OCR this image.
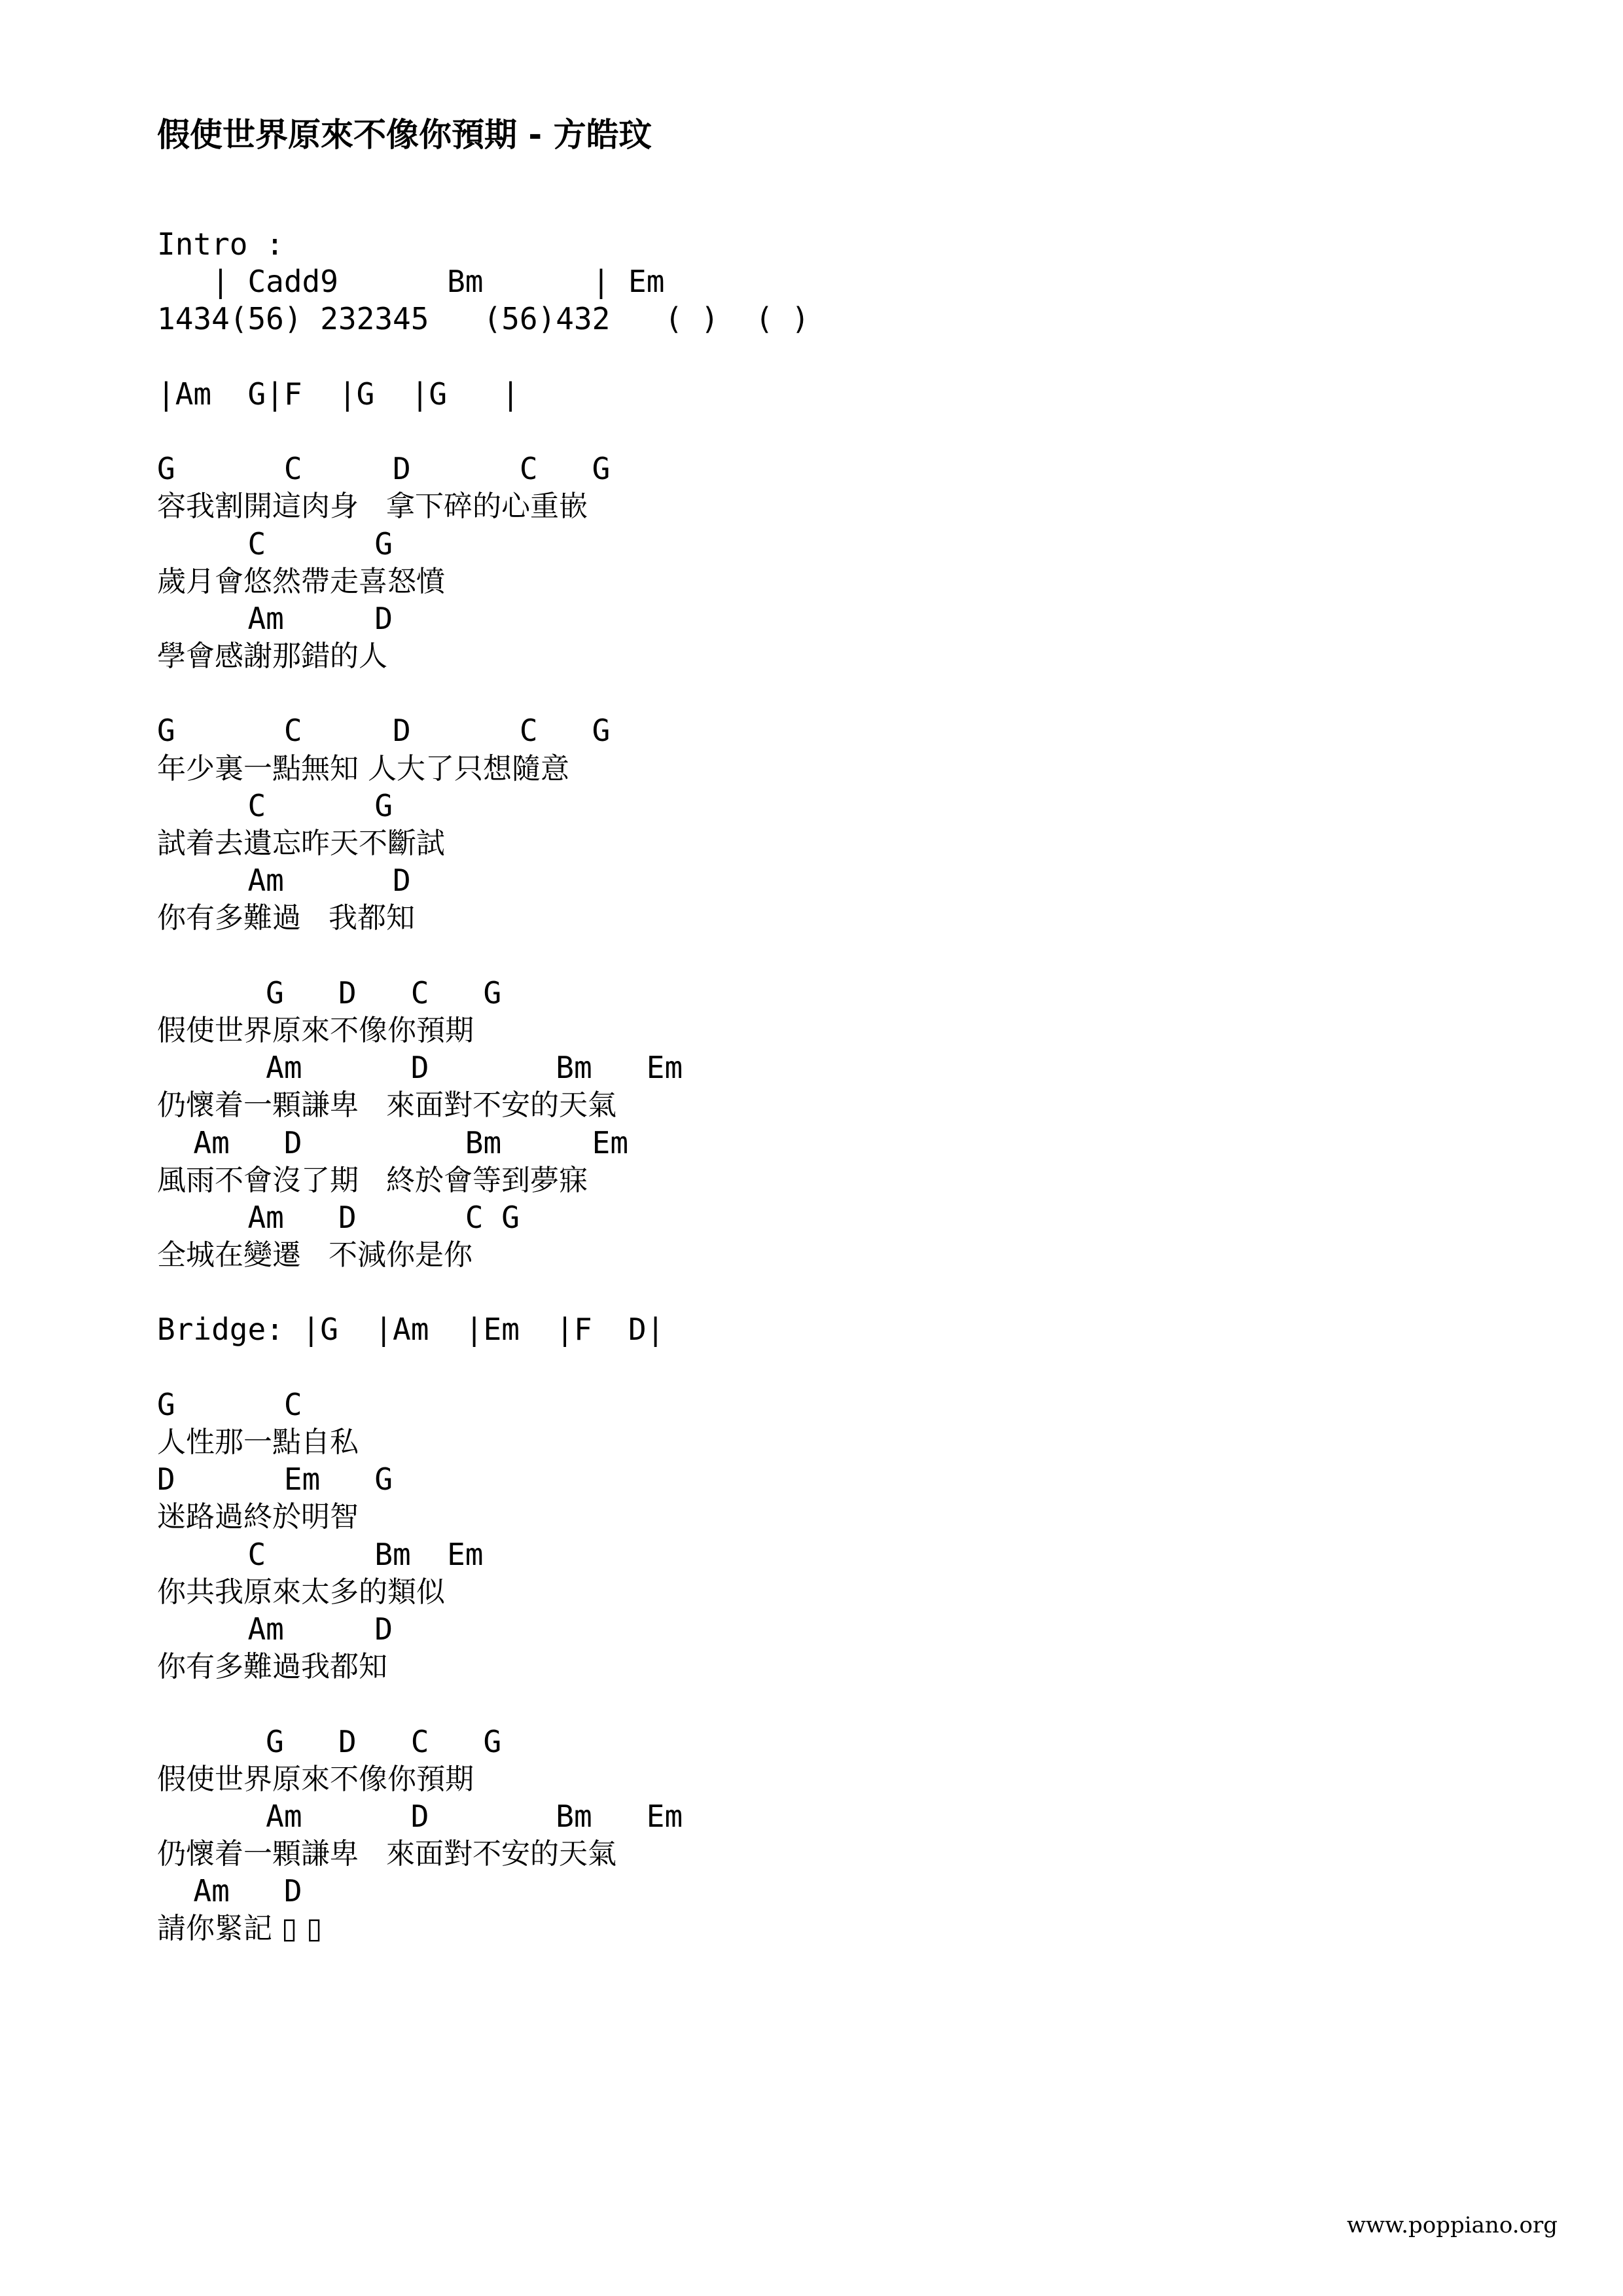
假使世界原來不像你預期 - 方皓玟
Intro :
| Cadd9      Bm      | Em
1434(56) 232345   (56)432   ( )  ( )
|Am  G|F  |G  |G   |
G      C     D      C   G
容我割開這肉身   拿下碎的心重嵌
C      G
歲月會悠然帶走喜怒憤
Am     D
學會感謝那錯的人
G      C     D      C   G
年少裏一點無知 人大了只想隨意
C      G
試着去遺忘昨天不斷試
Am      D
你有多難過   我都知
G   D   C   G
假使世界原來不像你預期
Am      D       Bm   Em
仍懷着一顆謙卑   來面對不安的天氣
Am   D         Bm     Em
風雨不會沒了期   終於會等到夢寐
Am   D      C G
全城在變遷   不減你是你
Bridge: |G  |Am  |Em  |F  D|
G      C
人性那一點自私
D      Em   G
迷路過終於明智
C      Bm  Em
你共我原來太多的類似
Am     D
你有多難過我都知
G   D   C   G
假使世界原來不像你預期
Am      D       Bm   Em
仍懷着一顆謙卑   來面對不安的天氣
Am   D
請你緊記 ▯ ▯
www.poppiano.org
